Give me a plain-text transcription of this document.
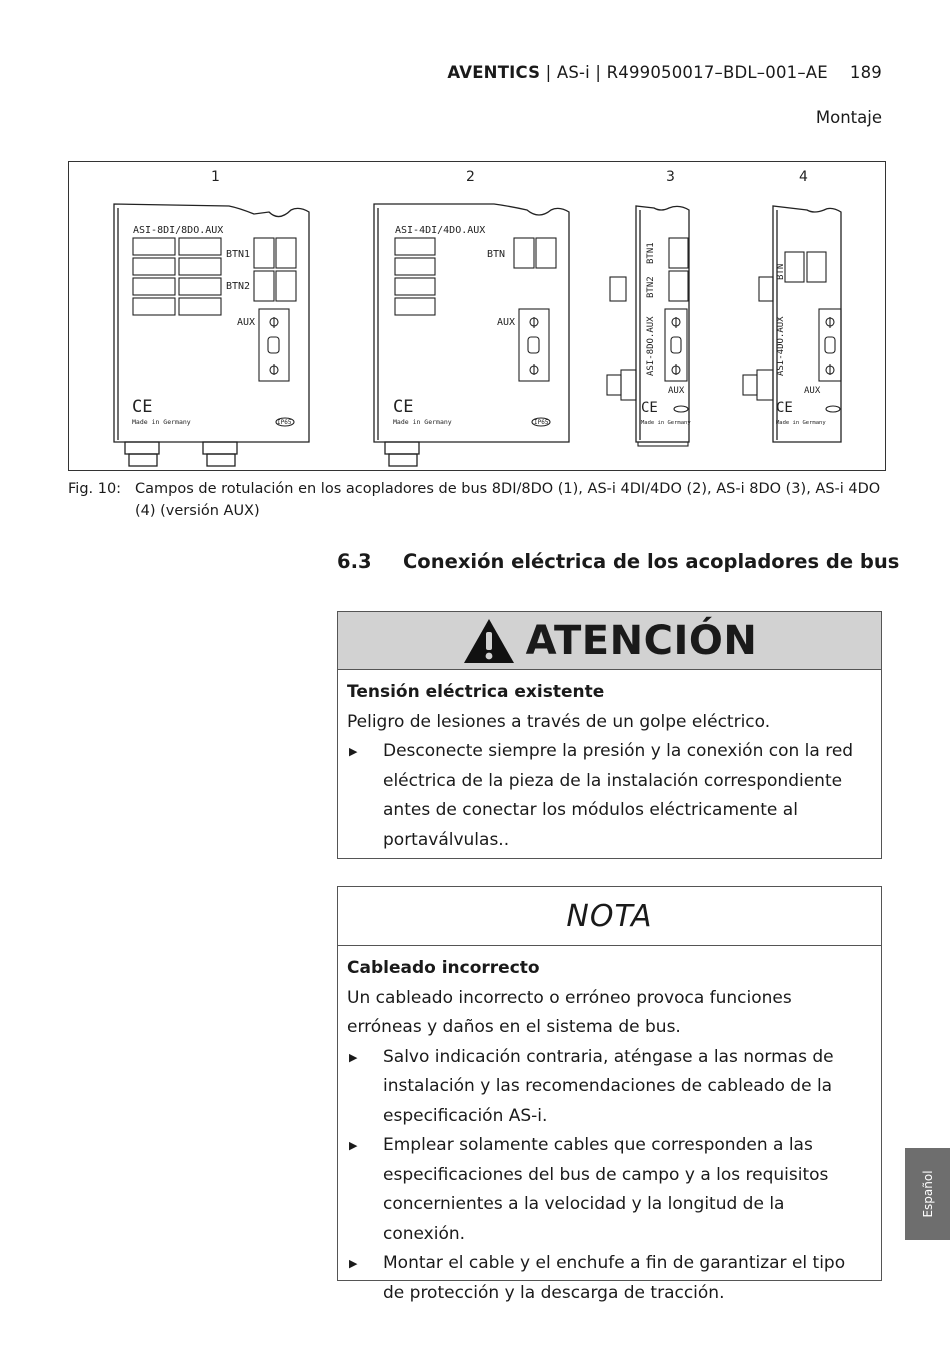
AVENTICS | AS-i | R499050017–BDL–001–AE 189
Montaje
1	2	3	4
ASI-8DI/8DO.AUX
BTN1
BTN2
AUX
CE
Made in Germany	IP65
ASI-4DI/4DO.AUX
BTN
AUX
CE
Made in Germany	IP65
BTN1
BTN2
ASI-8DO.AUX
AUX
CE
Made in Germany
BTN
ASI-4DO.AUX
AUX
CE
Made in Germany
Fig. 10: Campos de rotulación en los acopladores de bus 8DI/8DO (1), AS-i 4DI/4DO (2), AS-i 8DO (3), AS-i 4DO (4) (versión AUX)
6.3 Conexión eléctrica de los acopladores de bus
ATENCIÓN
Tensión eléctrica existente
Peligro de lesiones a través de un golpe eléctrico.
▶ Desconecte siempre la presión y la conexión con la red eléctrica de la pieza de la instalación correspondiente antes de conectar los módulos eléctricamente al portaválvulas..
NOTA
Cableado incorrecto
Un cableado incorrecto o erróneo provoca funciones erróneas y daños en el sistema de bus.
▶ Salvo indicación contraria, aténgase a las normas de instalación y las recomendaciones de cableado de la especificación AS-i.
▶ Emplear solamente cables que corresponden a las especificaciones del bus de campo y a los requisitos concernientes a la velocidad y la longitud de la conexión.
▶ Montar el cable y el enchufe a fin de garantizar el tipo de protección y la descarga de tracción.
Español
